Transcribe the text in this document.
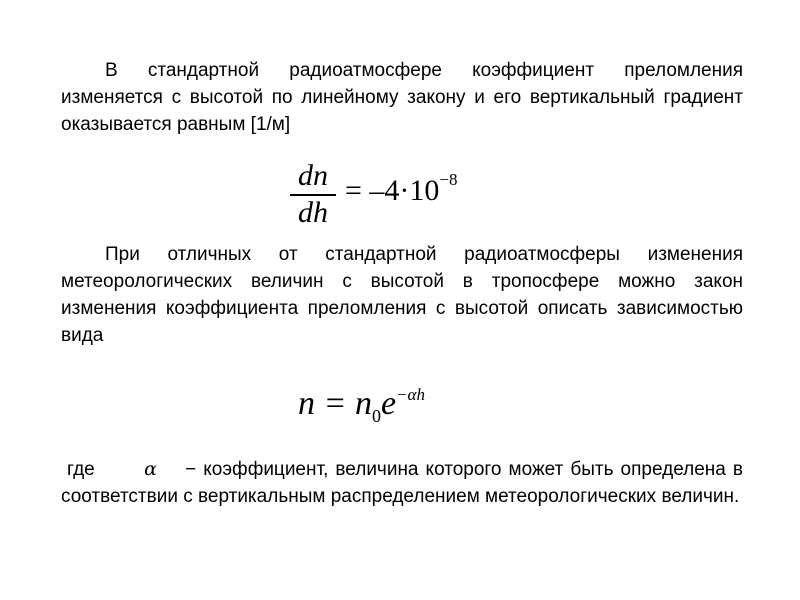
В стандартной радиоатмосфере коэффициент преломления изменяется с высотой по линейному закону и его вертикальный градиент оказывается равным [1/м]

dn
dh
= $-4\cdot 10^{-8}$

При отличных от стандартной радиоатмосферы изменения метеорологических величин с высотой в тропосфере можно закон изменения коэффициента преломления с высотой описать зависимостью вида

$n = n_0e^{-\alpha h}$

где	α − коэффициент, величина которого может быть определена в соответствии с вертикальным распределением метеорологических величин.
